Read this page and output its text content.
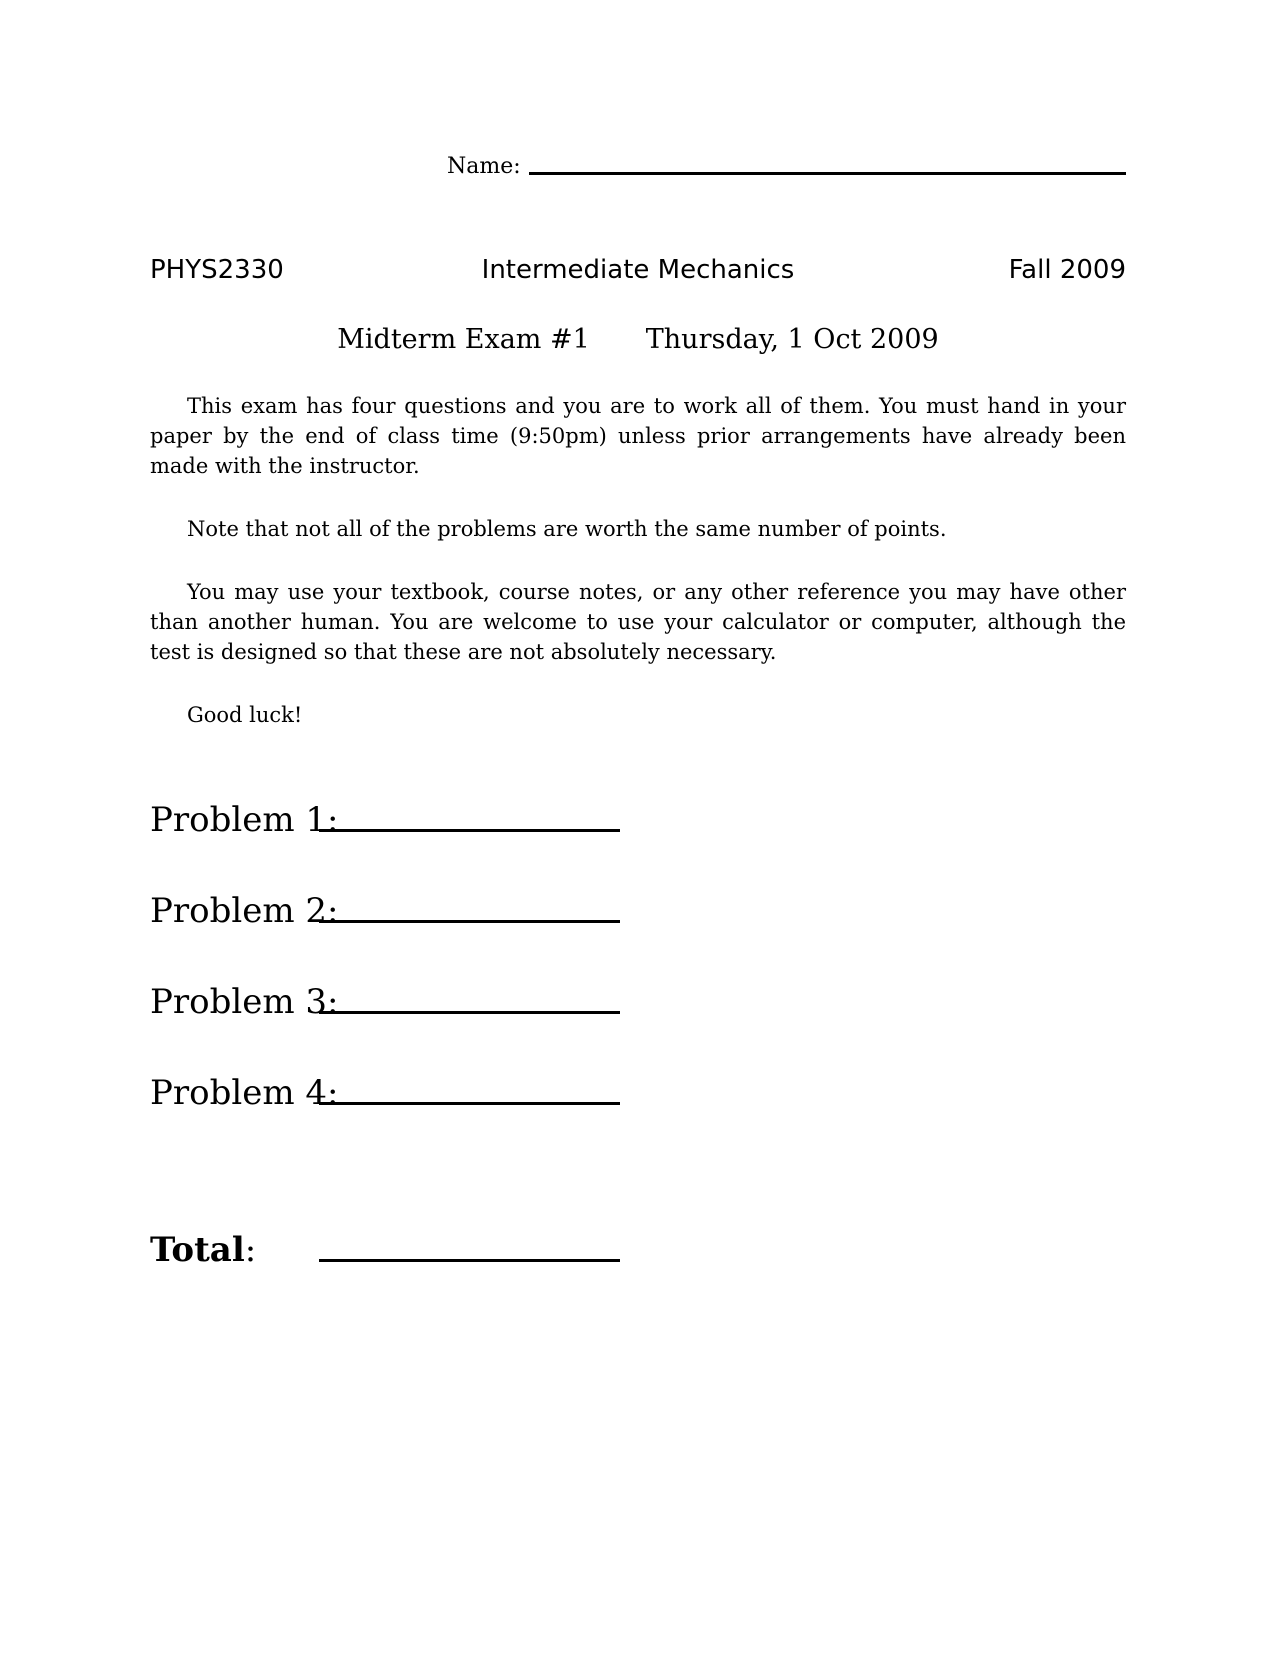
Name:
PHYS2330	Intermediate Mechanics	Fall 2009
Midterm Exam #1 Thursday, 1 Oct 2009

This exam has four questions and you are to work all of them. You must hand in your paper by the end of class time (9:50pm) unless prior arrangements have already been made with the instructor.

Note that not all of the problems are worth the same number of points.

You may use your textbook, course notes, or any other reference you may have other than another human. You are welcome to use your calculator or computer, although the test is designed so that these are not absolutely necessary.

Good luck!

Problem 1:
Problem 2:
Problem 3:
Problem 4:
Total:
